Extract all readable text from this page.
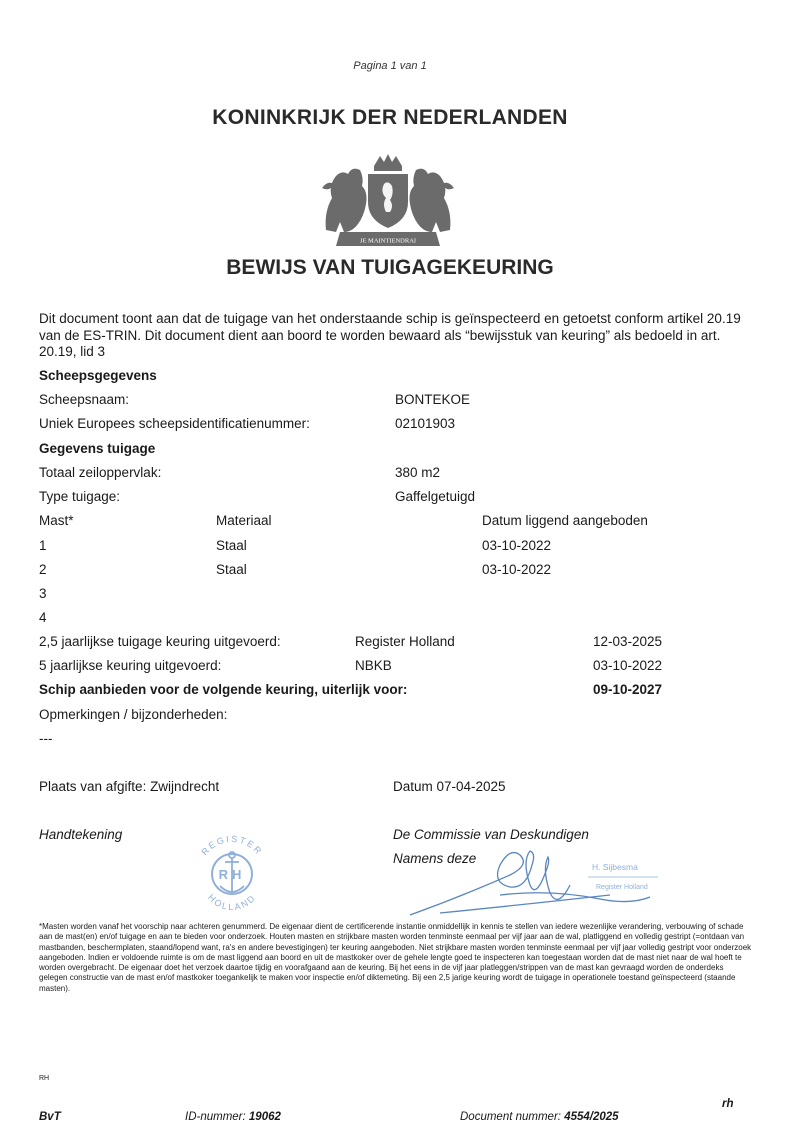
Pagina 1 van 1
KONINKRIJK DER NEDERLANDEN
JE MAINTIENDRAI
BEWIJS VAN TUIGAGEKEURING
Dit document toont aan dat de tuigage van het onderstaande schip is geïnspecteerd en getoetst conform artikel 20.19 van de ES-TRIN. Dit document dient aan boord te worden bewaard als “bewijsstuk van keuring” als bedoeld in art. 20.19, lid 3
Scheepsgegevens
Scheepsnaam:	BONTEKOE
Uniek Europees scheepsidentificatienummer:	02101903
Gegevens tuigage
Totaal zeiloppervlak:	380 m2
Type tuigage:	Gaffelgetuigd
Mast*	Materiaal	Datum liggend aangeboden
1	Staal	03-10-2022
2	Staal	03-10-2022
3
4
2,5 jaarlijkse tuigage keuring uitgevoerd:	Register Holland	12-03-2025
5 jaarlijkse keuring uitgevoerd:	NBKB	03-10-2022
Schip aanbieden voor de volgende keuring, uiterlijk voor:	09-10-2027
Opmerkingen / bijzonderheden:
---
Plaats van afgifte: Zwijndrecht	Datum 07-04-2025
Handtekening	De Commissie van Deskundigen
Namens deze
REGISTER
HOLLAND
RH	H. Sijbesma
Register Holland
*Masten worden vanaf het voorschip naar achteren genummerd. De eigenaar dient de certificerende instantie onmiddellijk in kennis te stellen van iedere wezenlijke verandering, verbouwing of schade aan de mast(en) en/of tuigage en aan te bieden voor onderzoek. Houten masten en strijkbare masten worden tenminste eenmaal per vijf jaar aan de wal, platliggend en volledig gestript (=ontdaan van mastbanden, beschermplaten, staand/lopend want, ra's en andere bevestigingen) ter keuring aangeboden. Niet strijkbare masten worden tenminste eenmaal per vijf jaar volledig gestript voor onderzoek aangeboden. Indien er voldoende ruimte is om de mast liggend aan boord en uit de mastkoker over de gehele lengte goed te inspecteren kan toegestaan worden dat de mast niet naar de wal hoeft te worden overgebracht. De eigenaar doet het verzoek daartoe tijdig en voorafgaand aan de keuring. Bij het eens in de vijf jaar platleggen/strippen van de mast kan gevraagd worden de onderdeks gelegen constructie van de mast en/of mastkoker toegankelijk te maken voor inspectie en/of diktemeting. Bij een 2,5 jarige keuring wordt de tuigage in operationele toestand geïnspecteerd (staande masten).
RH
BvT	ID-nummer: 19062	Document nummer: 4554/2025
rh
